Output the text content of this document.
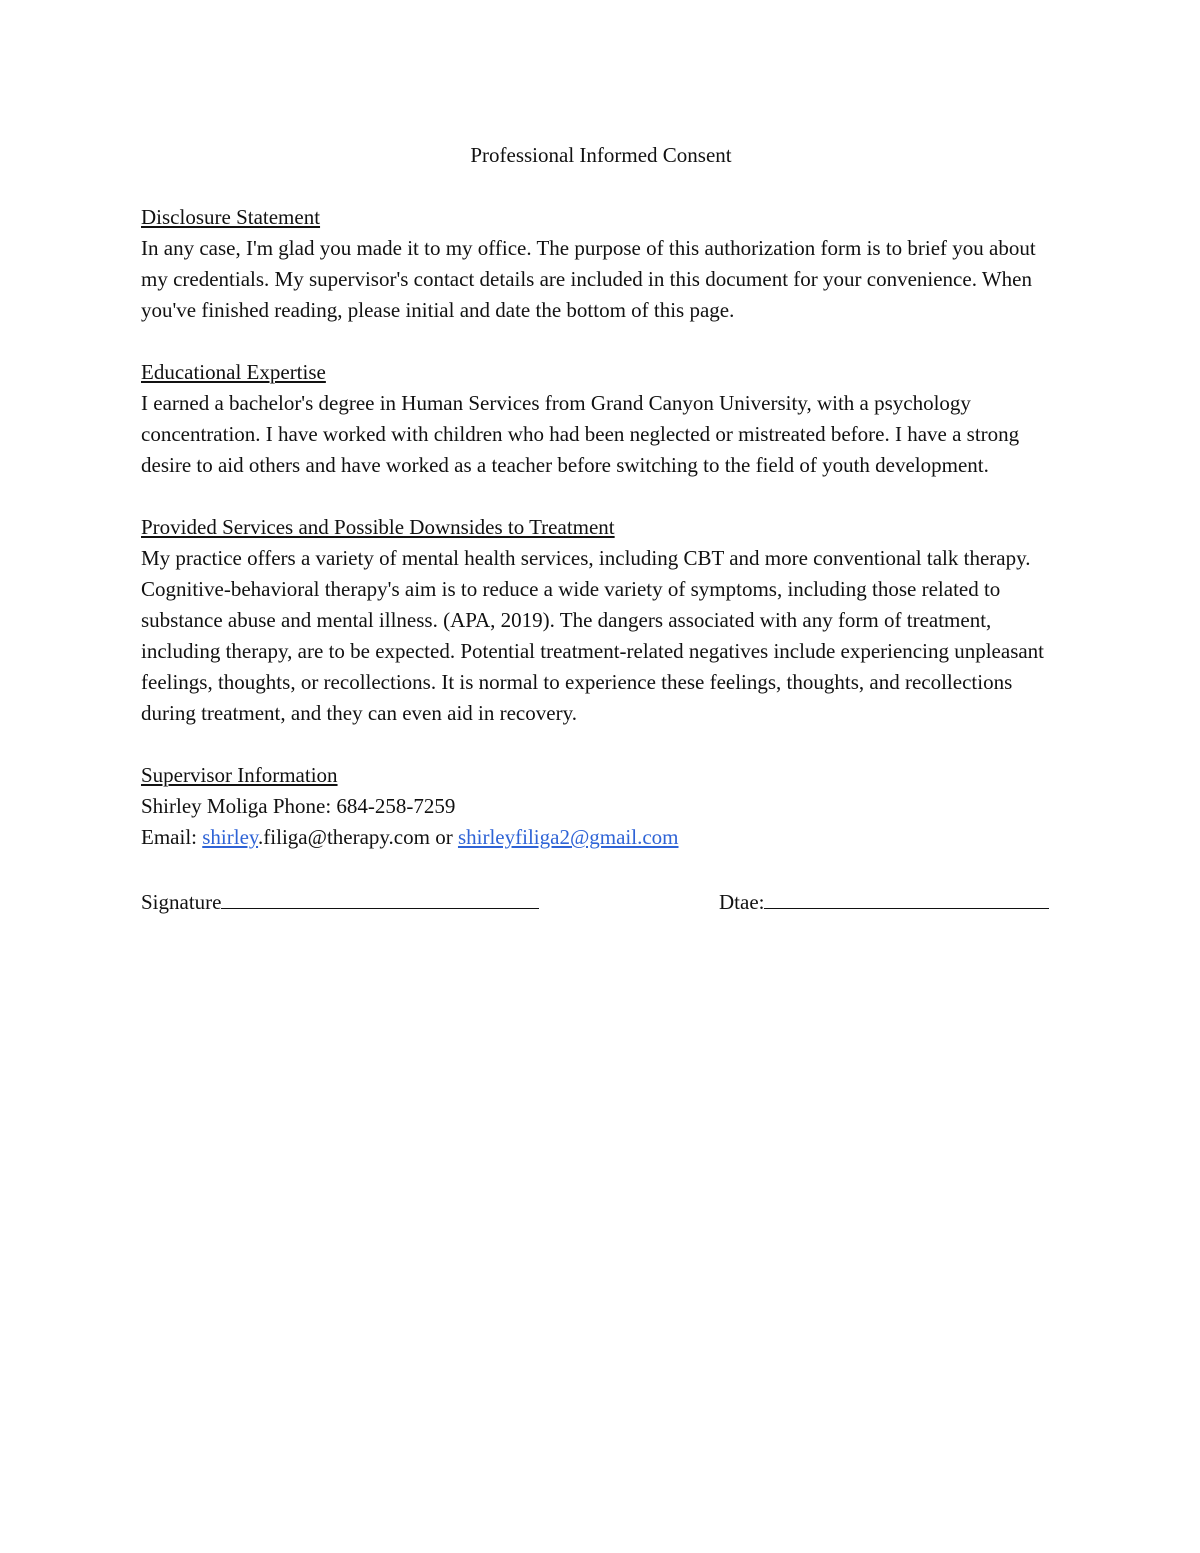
Professional Informed Consent
Disclosure Statement

In any case, I'm glad you made it to my office. The purpose of this authorization form is to brief you about my credentials. My supervisor's contact details are included in this document for your convenience. When you've finished reading, please initial and date the bottom of this page.

Educational Expertise

I earned a bachelor's degree in Human Services from Grand Canyon University, with a psychology concentration. I have worked with children who had been neglected or mistreated before. I have a strong desire to aid others and have worked as a teacher before switching to the field of youth development.

Provided Services and Possible Downsides to Treatment

My practice offers a variety of mental health services, including CBT and more conventional talk therapy. Cognitive-behavioral therapy's aim is to reduce a wide variety of symptoms, including those related to substance abuse and mental illness. (APA, 2019). The dangers associated with any form of treatment, including therapy, are to be expected. Potential treatment-related negatives include experiencing unpleasant feelings, thoughts, or recollections. It is normal to experience these feelings, thoughts, and recollections during treatment, and they can even aid in recovery.

Supervisor Information

Shirley Moliga Phone: 684-258-7259

Email: shirley.filiga@therapy.com or shirleyfiliga2@gmail.com

Signature	Dtae:
